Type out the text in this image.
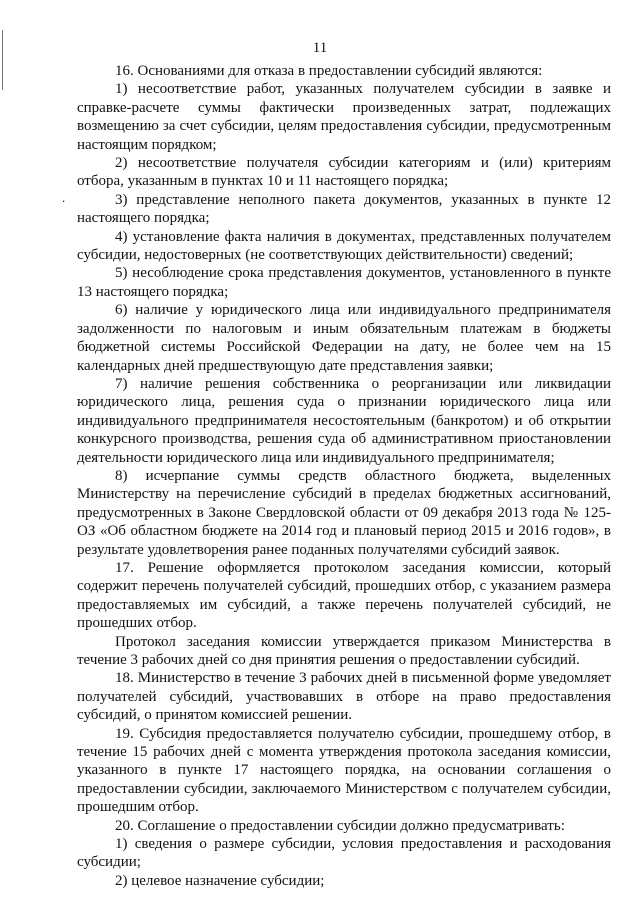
.
11

16. Основаниями для отказа в предоставлении субсидий являются:

1) несоответствие работ, указанных получателем субсидии в заявке и справке-расчете суммы фактически произведенных затрат, подлежащих возмещению за счет субсидии, целям предоставления субсидии, предусмотренным настоящим порядком;

2) несоответствие получателя субсидии категориям и (или) критериям отбора, указанным в пунктах 10 и 11 настоящего порядка;

3) представление неполного пакета документов, указанных в пункте 12 настоящего порядка;

4) установление факта наличия в документах, представленных получателем субсидии, недостоверных (не соответствующих действительности) сведений;

5) несоблюдение срока представления документов, установленного в пункте 13 настоящего порядка;

6) наличие у юридического лица или индивидуального предпринимателя задолженности по налоговым и иным обязательным платежам в бюджеты бюджетной системы Российской Федерации на дату, не более чем на 15 календарных дней предшествующую дате представления заявки;

7) наличие решения собственника о реорганизации или ликвидации юридического лица, решения суда о признании юридического лица или индивидуального предпринимателя несостоятельным (банкротом) и об открытии конкурсного производства, решения суда об административном приостановлении деятельности юридического лица или индивидуального предпринимателя;

8) исчерпание суммы средств областного бюджета, выделенных Министерству на перечисление субсидий в пределах бюджетных ассигнований, предусмотренных в Законе Свердловской области от 09 декабря 2013 года № 125-ОЗ «Об областном бюджете на 2014 год и плановый период 2015 и 2016 годов», в результате удовлетворения ранее поданных получателями субсидий заявок.

17. Решение оформляется протоколом заседания комиссии, который содержит перечень получателей субсидий, прошедших отбор, с указанием размера предоставляемых им субсидий, а также перечень получателей субсидий, не прошедших отбор.

Протокол заседания комиссии утверждается приказом Министерства в течение 3 рабочих дней со дня принятия решения о предоставлении субсидий.

18. Министерство в течение 3 рабочих дней в письменной форме уведомляет получателей субсидий, участвовавших в отборе на право предоставления субсидий, о принятом комиссией решении.

19. Субсидия предоставляется получателю субсидии, прошедшему отбор, в течение 15 рабочих дней с момента утверждения протокола заседания комиссии, указанного в пункте 17 настоящего порядка, на основании соглашения о предоставлении субсидии, заключаемого Министерством с получателем субсидии, прошедшим отбор.

20. Соглашение о предоставлении субсидии должно предусматривать:

1) сведения о размере субсидии, условия предоставления и расходования субсидии;

2) целевое назначение субсидии;
